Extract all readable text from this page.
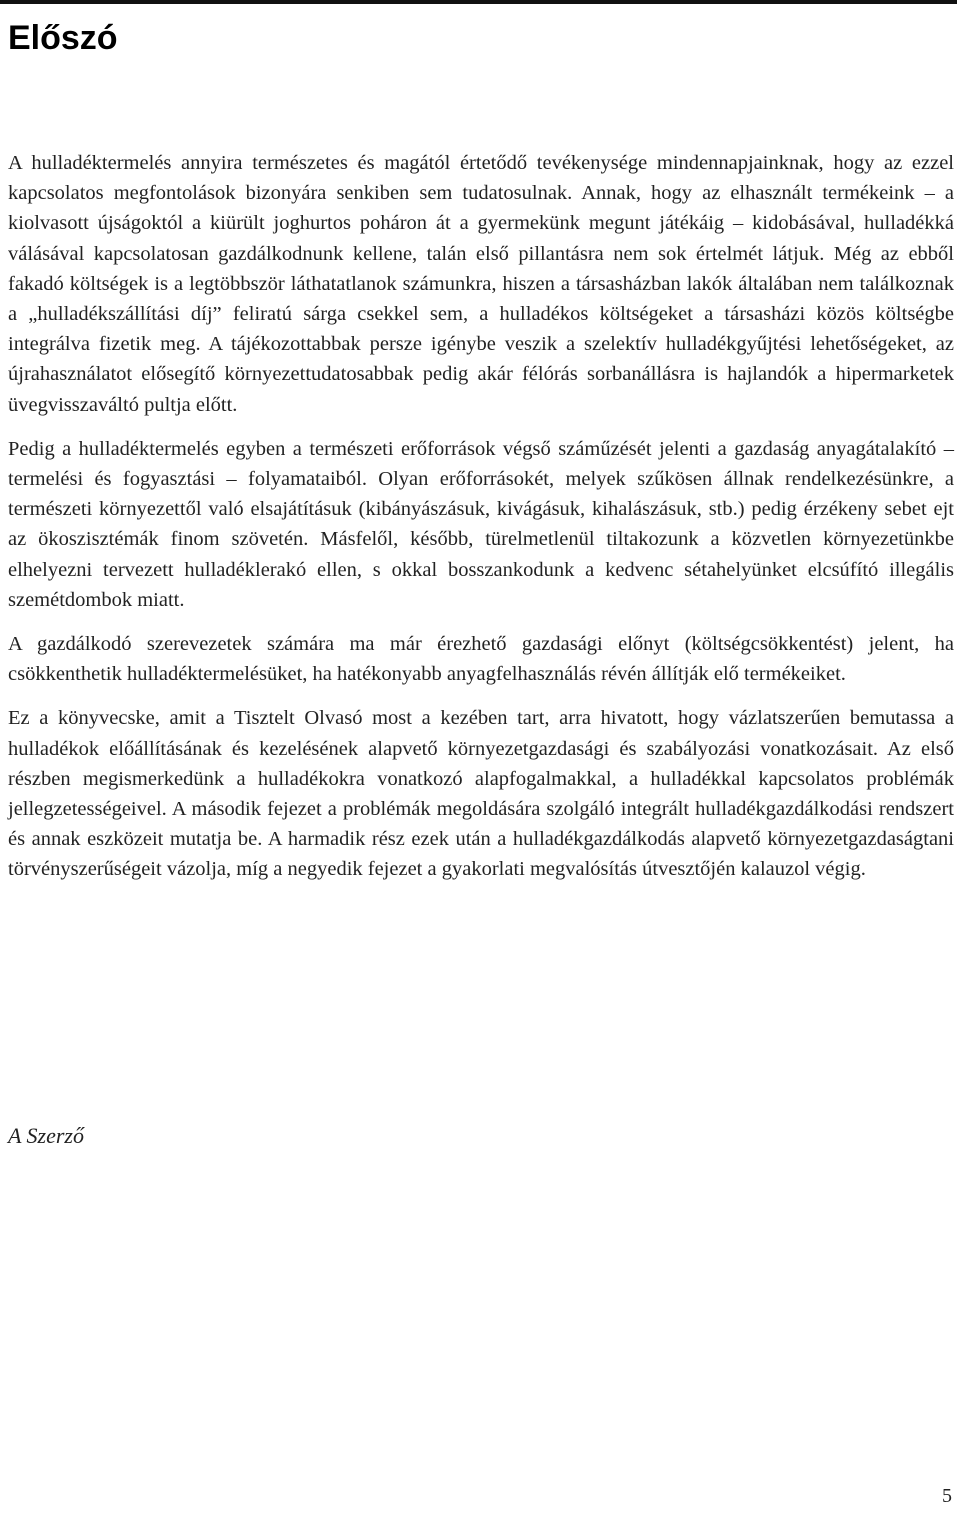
Előszó

A hulladéktermelés annyira természetes és magától értetődő tevékenysége mindennapjainknak, hogy az ezzel kapcsolatos megfontolások bizonyára senkiben sem tudatosulnak. Annak, hogy az elhasznált termékeink – a kiolvasott újságoktól a kiürült joghurtos poháron át a gyermekünk megunt játékáig – kidobásával, hulladékká válásával kapcsolatosan gazdálkodnunk kellene, talán első pillantásra nem sok értelmét látjuk. Még az ebből fakadó költségek is a legtöbbször láthatatlanok számunkra, hiszen a társasházban lakók általában nem találkoznak a „hulladékszállítási díj” feliratú sárga csekkel sem, a hulladékos költségeket a társasházi közös költségbe integrálva fizetik meg. A tájékozottabbak persze igénybe veszik a szelektív hulladékgyűjtési lehetőségeket, az újrahasználatot elősegítő környezettudatosabbak pedig akár félórás sorbanállásra is hajlandók a hipermarketek üvegvisszaváltó pultja előtt.

Pedig a hulladéktermelés egyben a természeti erőforrások végső száműzését jelenti a gazdaság anyagátalakító – termelési és fogyasztási – folyamataiból. Olyan erőforrásokét, melyek szűkösen állnak rendelkezésünkre, a természeti környezettől való elsajátításuk (kibányászásuk, kivágásuk, kihalászásuk, stb.) pedig érzékeny sebet ejt az ökoszisztémák finom szövetén. Másfelől, később, türelmetlenül tiltakozunk a közvetlen környezetünkbe elhelyezni tervezett hulladéklerakó ellen, s okkal bosszankodunk a kedvenc sétahelyünket elcsúfító illegális szemétdombok miatt.

A gazdálkodó szerevezetek számára ma már érezhető gazdasági előnyt (költségcsökkentést) jelent, ha csökkenthetik hulladéktermelésüket, ha hatékonyabb anyagfelhasználás révén állítják elő termékeiket.

Ez a könyvecske, amit a Tisztelt Olvasó most a kezében tart, arra hivatott, hogy vázlatszerűen bemutassa a hulladékok előállításának és kezelésének alapvető környezetgazdasági és szabályozási vonatkozásait. Az első részben megismerkedünk a hulladékokra vonatkozó alapfogalmakkal, a hulladékkal kapcsolatos problémák jellegzetességeivel. A második fejezet a problémák megoldására szolgáló integrált hulladékgazdálkodási rendszert és annak eszközeit mutatja be. A harmadik rész ezek után a hulladékgazdálkodás alapvető környezetgazdaságtani törvényszerűségeit vázolja, míg a negyedik fejezet a gyakorlati megvalósítás útvesztőjén kalauzol végig.

A Szerző

5
